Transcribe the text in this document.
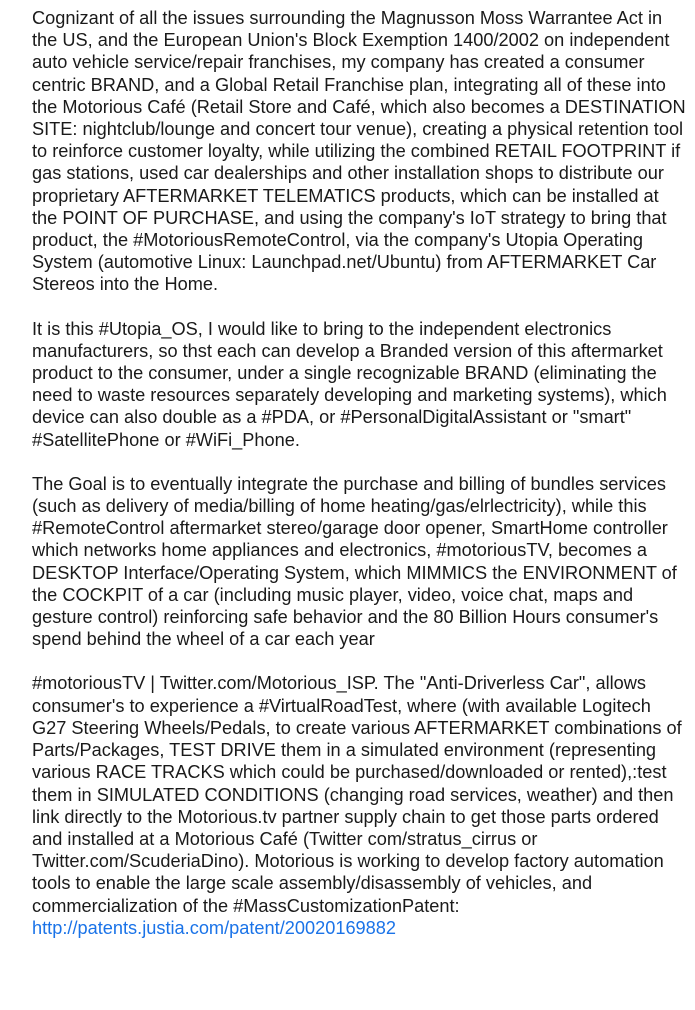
Cognizant of all the issues surrounding the Magnusson Moss Warrantee Act in the US, and the European Union's Block Exemption 1400/2002 on independent auto vehicle service/repair franchises, my company has created a consumer centric BRAND, and a Global Retail Franchise plan, integrating all of these into the Motorious Café (Retail Store and Café, which also becomes a DESTINATION SITE: nightclub/lounge and concert tour venue), creating a physical retention tool to reinforce customer loyalty, while utilizing the combined RETAIL FOOTPRINT if gas stations, used car dealerships and other installation shops to distribute our proprietary AFTERMARKET TELEMATICS products, which can be installed at the POINT OF PURCHASE, and using the company's IoT strategy to bring that product, the #MotoriousRemoteControl, via the company's Utopia Operating System (automotive Linux: Launchpad.net/Ubuntu) from AFTERMARKET Car Stereos into the Home.

It is this #Utopia_OS, I would like to bring to the independent electronics manufacturers, so thst each can develop a Branded version of this aftermarket product to the consumer, under a single recognizable BRAND (eliminating the need to waste resources separately developing and marketing systems), which device can also double as a #PDA, or #PersonalDigitalAssistant or "smart" #SatellitePhone or #WiFi_Phone.

The Goal is to eventually integrate the purchase and billing of bundles services (such as delivery of media/billing of home heating/gas/elrlectricity), while this #RemoteControl aftermarket stereo/garage door opener, SmartHome controller which networks home appliances and electronics, #motoriousTV, becomes a DESKTOP Interface/Operating System, which MIMMICS the ENVIRONMENT of the COCKPIT of a car (including music player, video, voice chat, maps and gesture control) reinforcing safe behavior and the 80 Billion Hours consumer's spend behind the wheel of a car each year

#motoriousTV | Twitter.com/Motorious_ISP. The "Anti-Driverless Car", allows consumer's to experience a #VirtualRoadTest, where (with available Logitech G27 Steering Wheels/Pedals, to create various AFTERMARKET combinations of Parts/Packages, TEST DRIVE them in a simulated environment (representing various RACE TRACKS which could be purchased/downloaded or rented),:test them in SIMULATED CONDITIONS (changing road services, weather) and then link directly to the Motorious.tv partner supply chain to get those parts ordered and installed at a Motorious Café (Twitter com/stratus_cirrus or Twitter.com/ScuderiaDino). Motorious is working to develop factory automation tools to enable the large scale assembly/disassembly of vehicles, and commercialization of the #MassCustomizationPatent: http://patents.justia.com/patent/20020169882
